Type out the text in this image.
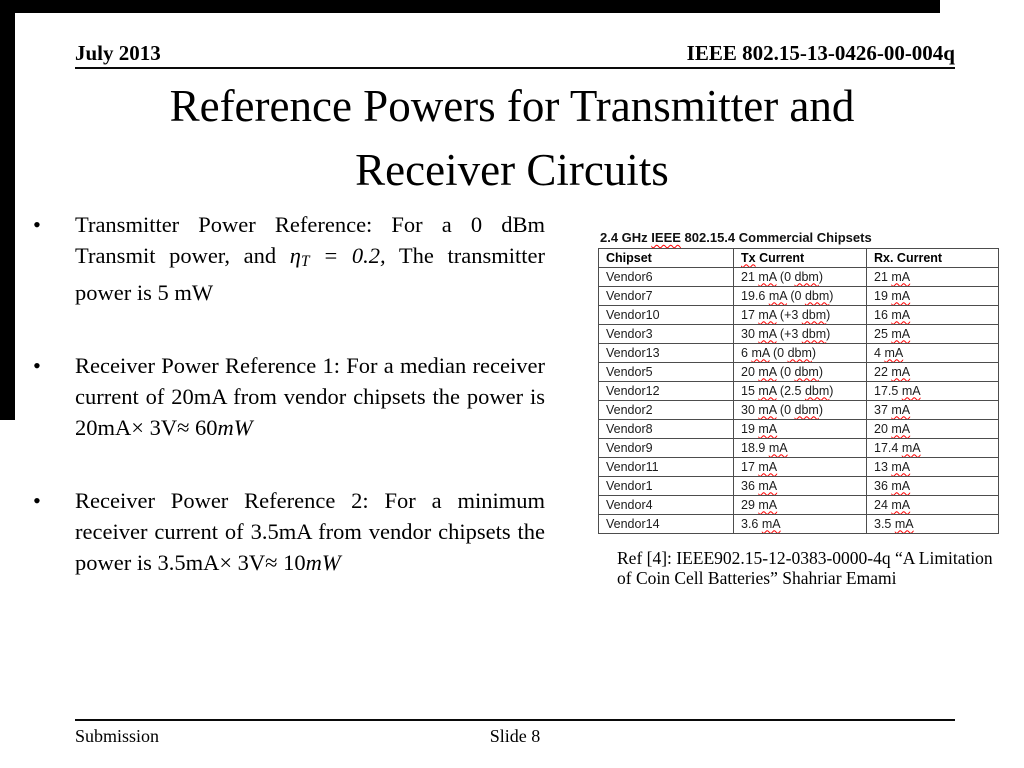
July 2013	IEEE 802.15-13-0426-00-004q
Reference Powers for Transmitter and
Receiver Circuits
•	Transmitter Power Reference: For a 0 dBm Transmit power, and ηT = 0.2, The transmitter power is 5 mW
•	Receiver Power Reference 1: For a median receiver current of 20mA from vendor chipsets the power is 20mA× 3V≈ 60mW
•	Receiver Power Reference 2: For a minimum receiver current of 3.5mA from vendor chipsets the power is 3.5mA× 3V≈ 10mW
2.4 GHz IEEE 802.15.4 Commercial Chipsets
Chipset	Tx Current	Rx. Current
Vendor6	21 mA (0 dbm)	21 mA
Vendor7	19.6 mA (0 dbm)	19 mA
Vendor10	17 mA (+3 dbm)	16 mA
Vendor3	30 mA (+3 dbm)	25 mA
Vendor13	6 mA (0 dbm)	4 mA
Vendor5	20 mA (0 dbm)	22 mA
Vendor12	15 mA (2.5 dbm)	17.5 mA
Vendor2	30 mA (0 dbm)	37 mA
Vendor8	19 mA	20 mA
Vendor9	18.9 mA	17.4 mA
Vendor11	17 mA	13 mA
Vendor1	36 mA	36 mA
Vendor4	29 mA	24 mA
Vendor14	3.6 mA	3.5 mA
Ref [4]: IEEE902.15-12-0383-0000-4q “A Limitation
of Coin Cell Batteries” Shahriar Emami
Submission	Slide 8
